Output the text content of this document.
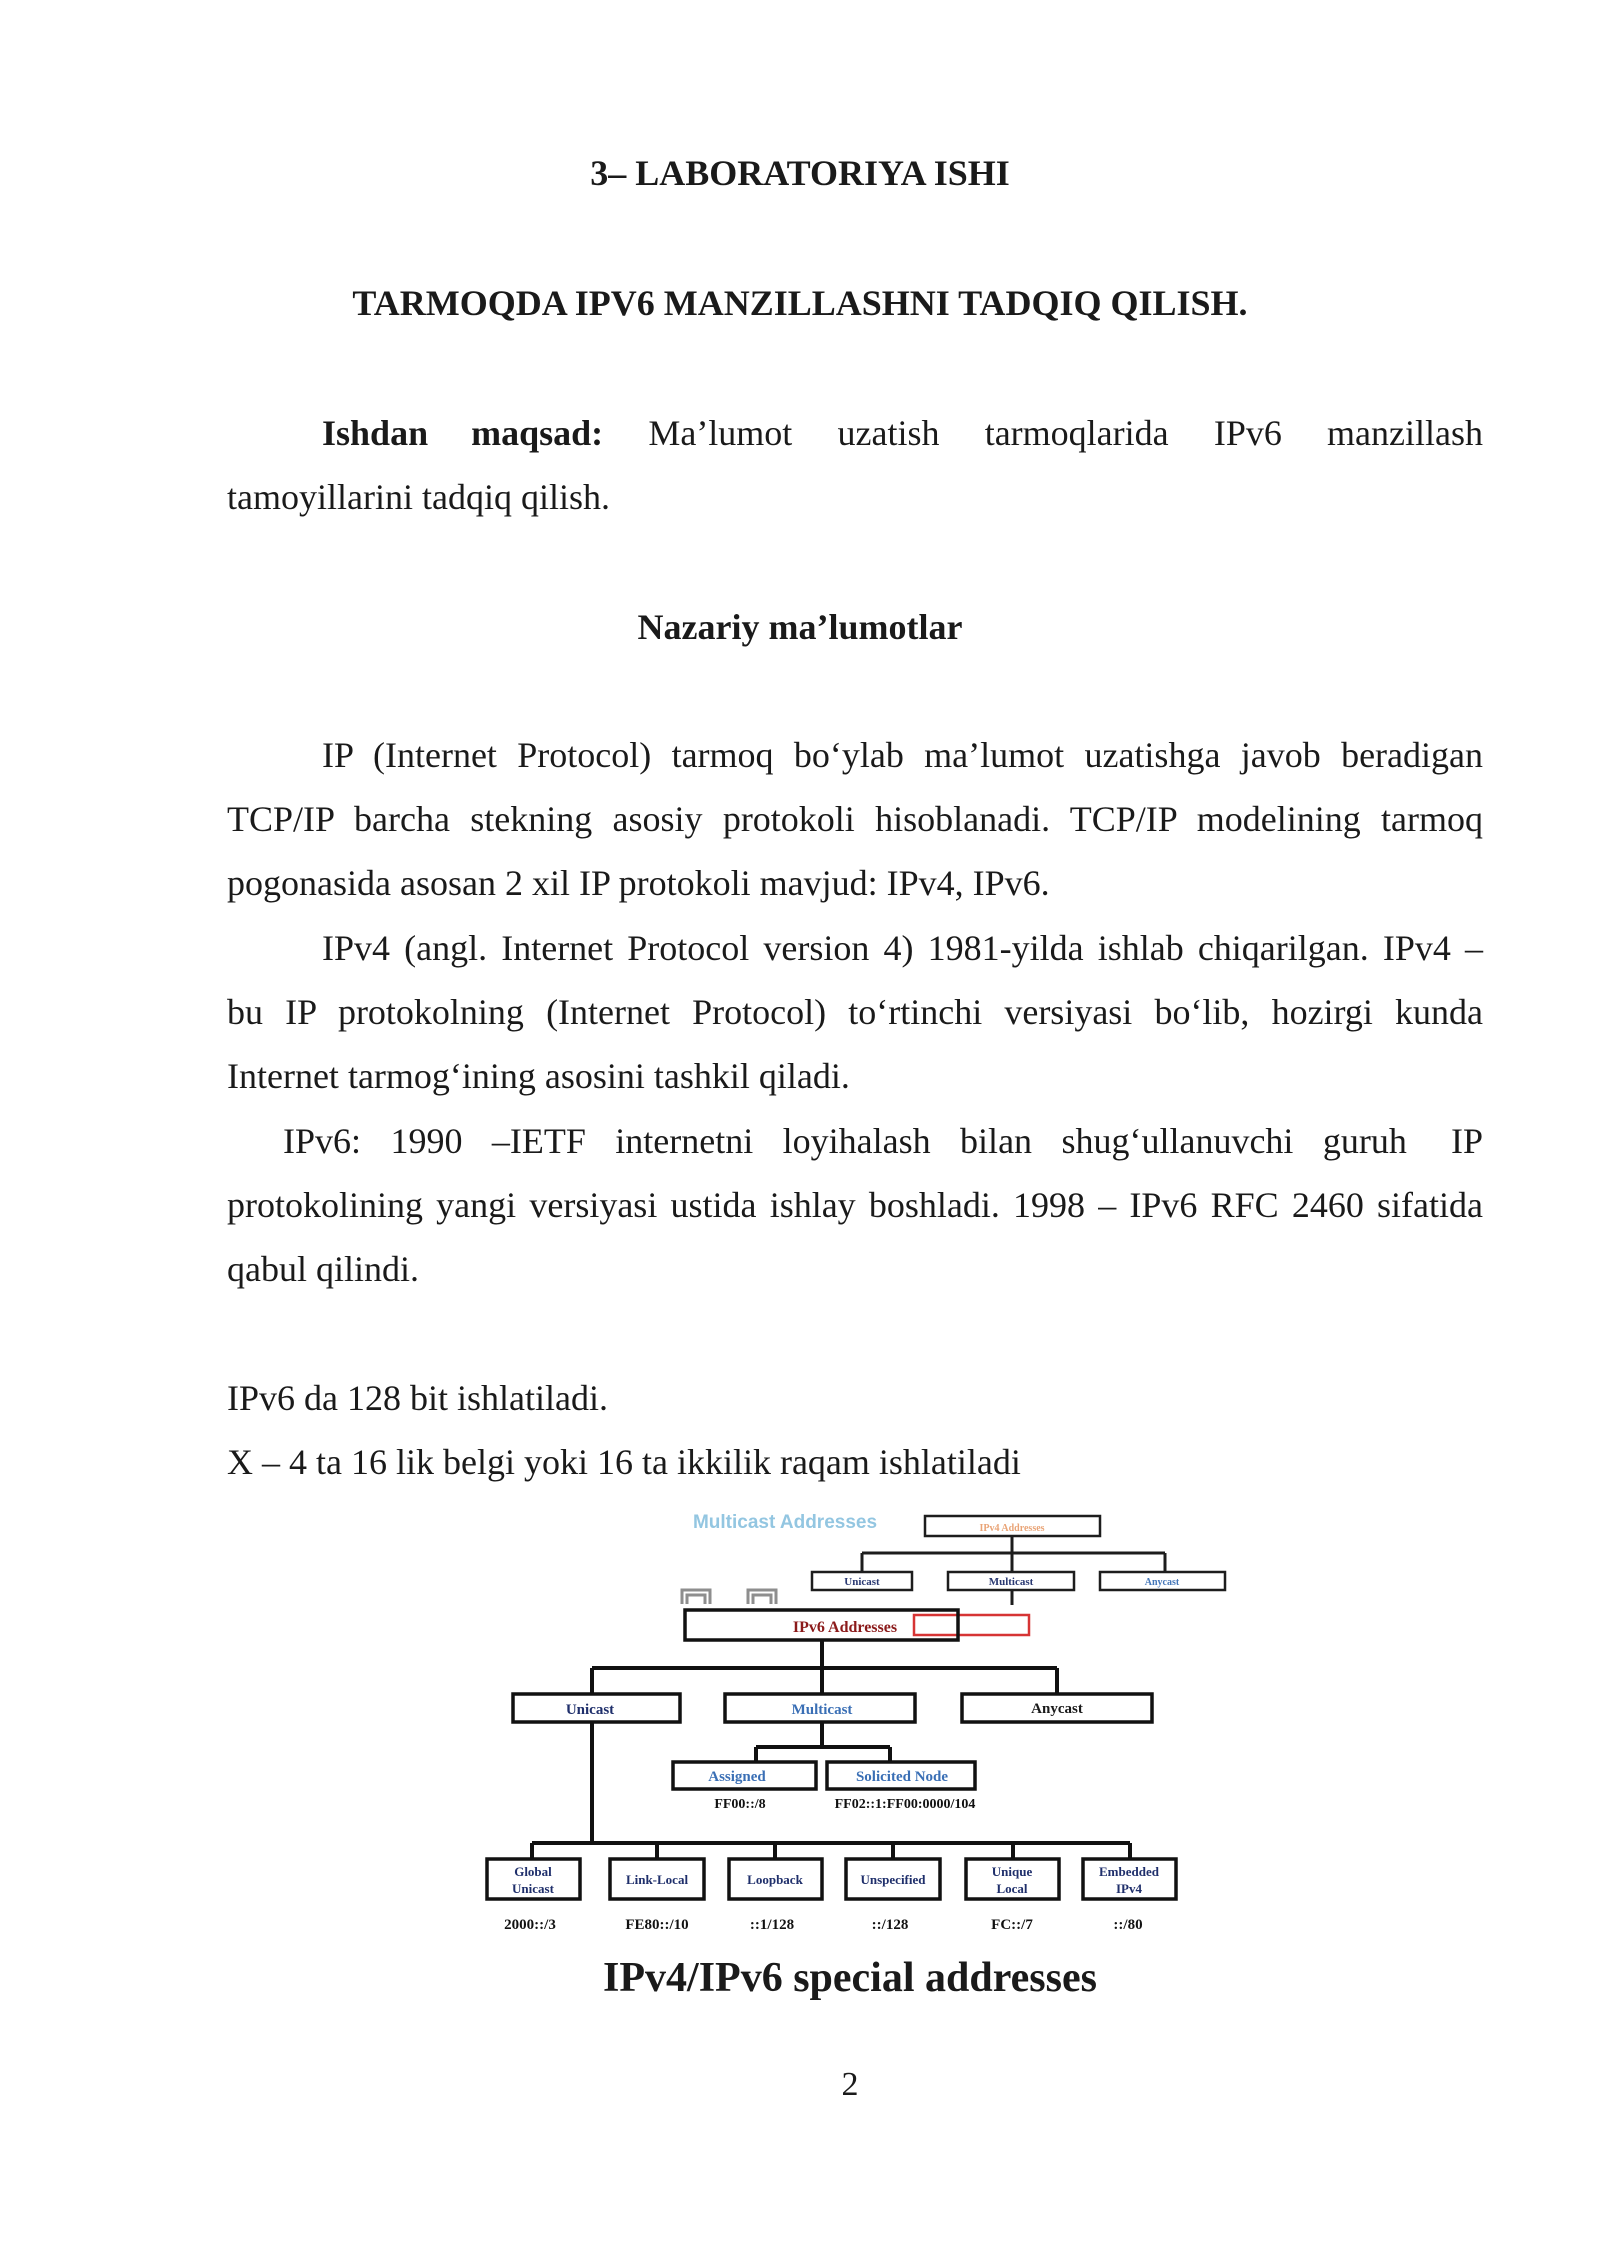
3– LABORATORIYA ISHI
TARMOQDA IPV6 MANZILLASHNI TADQIQ QILISH.
Ishdan maqsad: Ma’lumot uzatish tarmoqlarida IPv6 manzillash
tamoyillarini tadqiq qilish.
Nazariy ma’lumotlar
IP (Internet Protocol) tarmoq bo‘ylab ma’lumot uzatishga javob beradigan
TCP/IP barcha stekning asosiy protokoli hisoblanadi. TCP/IP modelining tarmoq
pogonasida asosan 2 xil IP protokoli mavjud: IPv4, IPv6.
IPv4 (angl. Internet Protocol version 4) 1981-yilda ishlab chiqarilgan. IPv4 –
bu IP protokolning (Internet Protocol) to‘rtinchi versiyasi bo‘lib, hozirgi kunda
Internet tarmog‘ining asosini tashkil qiladi.
IPv6:  1990  –IETF  internetni  loyihalash  bilan  shug‘ullanuvchi  guruh   IP
protokolining yangi versiyasi ustida ishlay boshladi. 1998 – IPv6 RFC 2460 sifatida
qabul qilindi.
IPv6 da 128 bit ishlatiladi.
X – 4 ta 16 lik belgi yoki 16 ta ikkilik raqam ishlatiladi
Multicast Addresses	IPv4 Addresses
Unicast	Multicast	Anycast
IPv6 Addresses
Unicast	Multicast	Anycast
Assigned
FF00::/8
Solicited Node
FF02::1:FF00:0000/104
Global
Unicast
2000::/3
Link-Local
FE80::/10
Loopback
::1/128
Unspecified
::/128
Unique
Local
FC::/7
Embedded
IPv4
::/80
IPv4/IPv6 special addresses
2
